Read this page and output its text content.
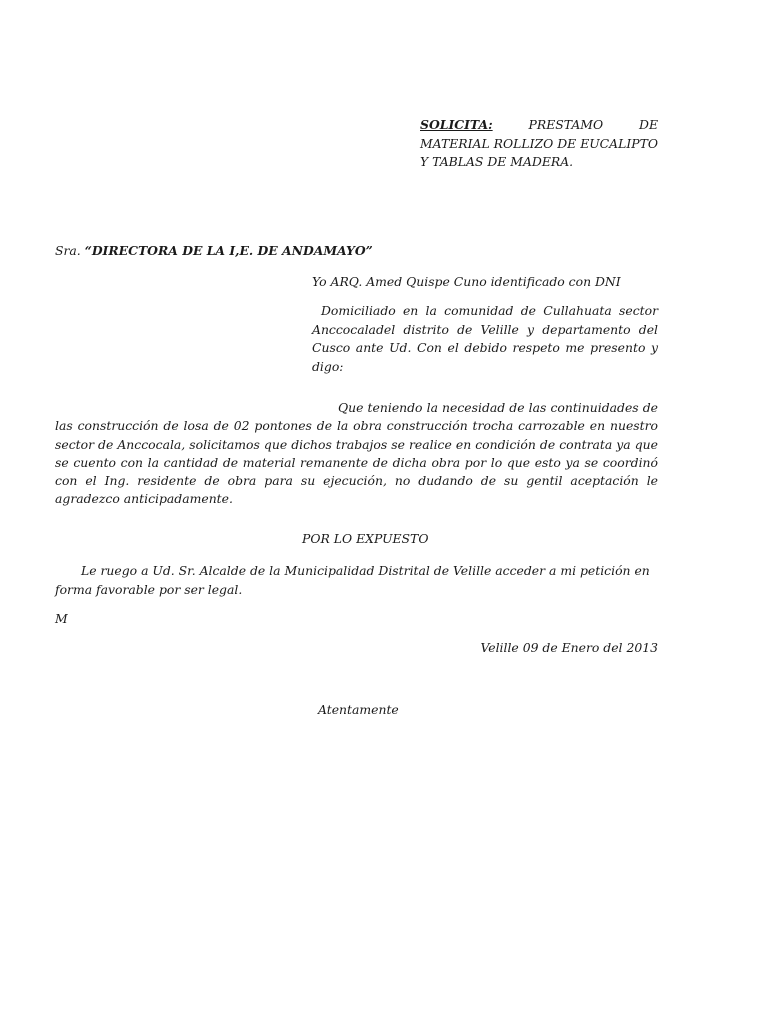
SOLICITA: PRESTAMO DE MATERIAL ROLLIZO DE EUCALIPTO Y TABLAS DE MADERA.
Sra. “DIRECTORA DE LA I,E. DE ANDAMAYO”
Yo ARQ. Amed Quispe Cuno identificado con DNI
Domiciliado en la comunidad de Cullahuata sector Anccocaladel distrito de Velille y departamento del Cusco ante Ud. Con el debido respeto me presento y digo:
Que teniendo la necesidad de las continuidades de las construcción de losa de 02 pontones de la obra construcción trocha carrozable en nuestro sector de Anccocala, solicitamos que dichos trabajos se realice en condición de contrata ya que se cuento con la cantidad de material remanente de dicha obra por lo que esto ya se coordinó con el Ing. residente de obra para su ejecución, no dudando de su gentil aceptación le agradezco anticipadamente.
POR LO EXPUESTO
Le ruego a Ud. Sr. Alcalde de la Municipalidad Distrital de Velille acceder a mi petición en forma favorable por ser legal.
M
Velille 09 de Enero del 2013
Atentamente
